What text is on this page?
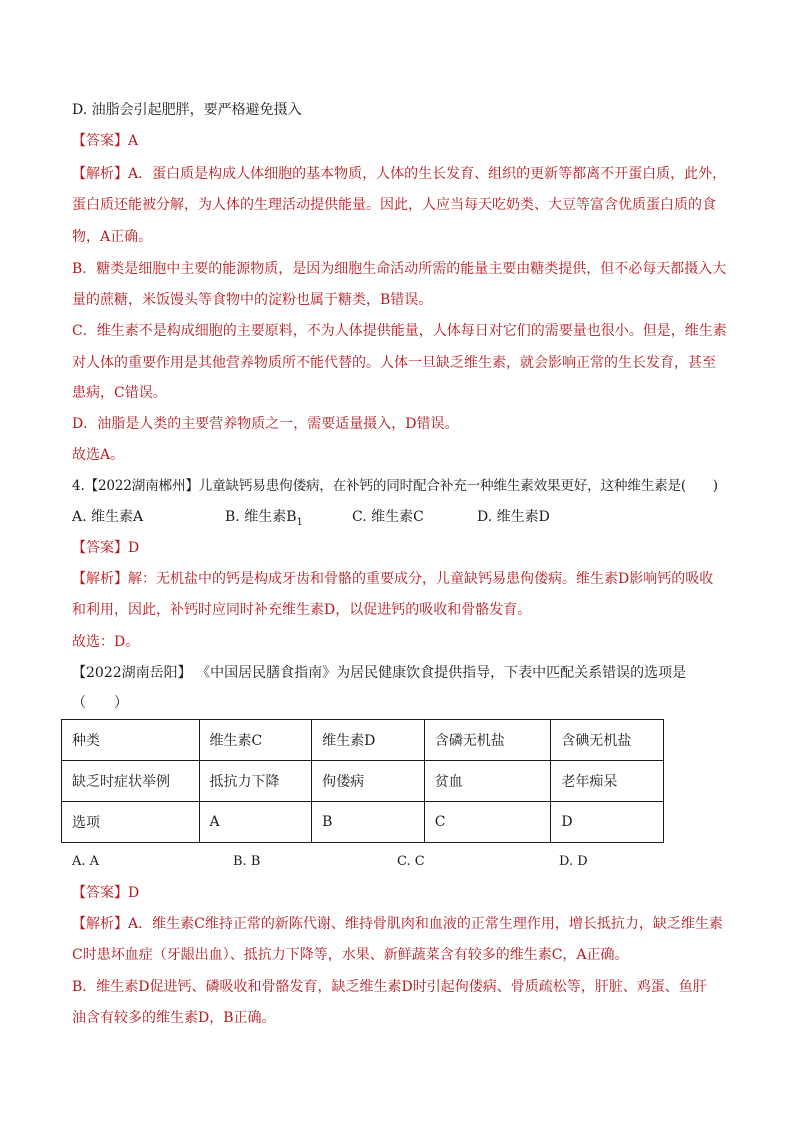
D. 油脂会引起肥胖，要严格避免摄入
【答案】A
【解析】A．蛋白质是构成人体细胞的基本物质，人体的生长发育、组织的更新等都离不开蛋白质，此外，
蛋白质还能被分解，为人体的生理活动提供能量。因此，人应当每天吃奶类、大豆等富含优质蛋白质的食
物，A正确。
B．糖类是细胞中主要的能源物质，是因为细胞生命活动所需的能量主要由糖类提供，但不必每天都摄入大
量的蔗糖，米饭馒头等食物中的淀粉也属于糖类，B错误。
C．维生素不是构成细胞的主要原料，不为人体提供能量，人体每日对它们的需要量也很小。但是，维生素
对人体的重要作用是其他营养物质所不能代替的。人体一旦缺乏维生素，就会影响正常的生长发育，甚至
患病，C错误。
D．油脂是人类的主要营养物质之一，需要适量摄入，D错误。
故选A。
4.【2022湖南郴州】儿童缺钙易患佝偻病，在补钙的同时配合补充一种维生素效果更好，这种维生素是(　　)
A. 维生素A	B. 维生素$B_1$	C. 维生素C	D. 维生素D
【答案】D
【解析】解：无机盐中的钙是构成牙齿和骨骼的重要成分，儿童缺钙易患佝偻病。维生素D影响钙的吸收
和利用，因此，补钙时应同时补充维生素D，以促进钙的吸收和骨骼发育。
故选：D。
【2022湖南岳阳】 《中国居民膳食指南》为居民健康饮食提供指导，下表中匹配关系错误的选项是
（　　）
种类	维生素C	维生素D	含磷无机盐	含碘无机盐
缺乏时症状举例	抵抗力下降	佝偻病	贫血	老年痴呆
选项	A	B	C	D
A. A	B. B	C. C	D. D
【答案】D
【解析】A．维生素C维持正常的新陈代谢、维持骨肌肉和血液的正常生理作用，增长抵抗力，缺乏维生素
C时患坏血症（牙龈出血）、抵抗力下降等，水果、新鲜蔬菜含有较多的维生素C，A正确。
B．维生素D促进钙、磷吸收和骨骼发育，缺乏维生素D时引起佝偻病、骨质疏松等，肝脏、鸡蛋、鱼肝
油含有较多的维生素D，B正确。
